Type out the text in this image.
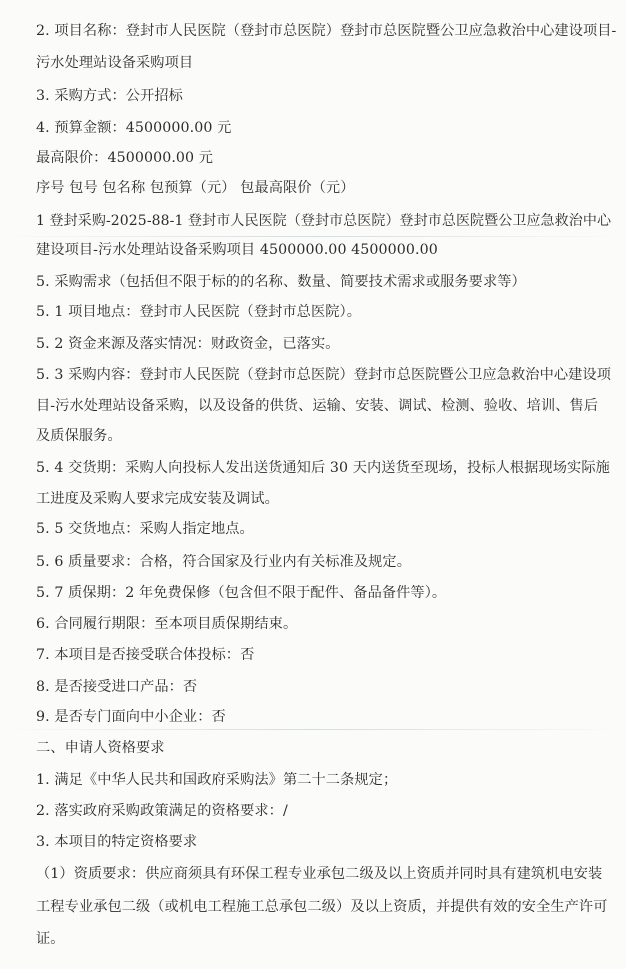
2. 项目名称：登封市人民医院（登封市总医院）登封市总医院暨公卫应急救治中心建设项目-
污水处理站设备采购项目
3. 采购方式：公开招标
4. 预算金额：4500000.00 元
最高限价：4500000.00 元
序号 包号 包名称 包预算（元） 包最高限价（元）
1 登封采购-2025-88-1 登封市人民医院（登封市总医院）登封市总医院暨公卫应急救治中心
建设项目-污水处理站设备采购项目 4500000.00 4500000.00
5. 采购需求（包括但不限于标的的名称、数量、简要技术需求或服务要求等）
5. 1 项目地点：登封市人民医院（登封市总医院）。
5. 2 资金来源及落实情况：财政资金，已落实。
5. 3 采购内容：登封市人民医院（登封市总医院）登封市总医院暨公卫应急救治中心建设项
目-污水处理站设备采购，以及设备的供货、运输、安装、调试、检测、验收、培训、售后
及质保服务。
5. 4 交货期：采购人向投标人发出送货通知后 30 天内送货至现场，投标人根据现场实际施
工进度及采购人要求完成安装及调试。
5. 5 交货地点：采购人指定地点。
5. 6 质量要求：合格，符合国家及行业内有关标准及规定。
5. 7 质保期：2 年免费保修（包含但不限于配件、备品备件等）。
6. 合同履行期限：至本项目质保期结束。
7. 本项目是否接受联合体投标：否
8. 是否接受进口产品：否
9. 是否专门面向中小企业：否
二、申请人资格要求
1. 满足《中华人民共和国政府采购法》第二十二条规定；
2. 落实政府采购政策满足的资格要求：/
3. 本项目的特定资格要求
（1）资质要求：供应商须具有环保工程专业承包二级及以上资质并同时具有建筑机电安装
工程专业承包二级（或机电工程施工总承包二级）及以上资质，并提供有效的安全生产许可
证。
